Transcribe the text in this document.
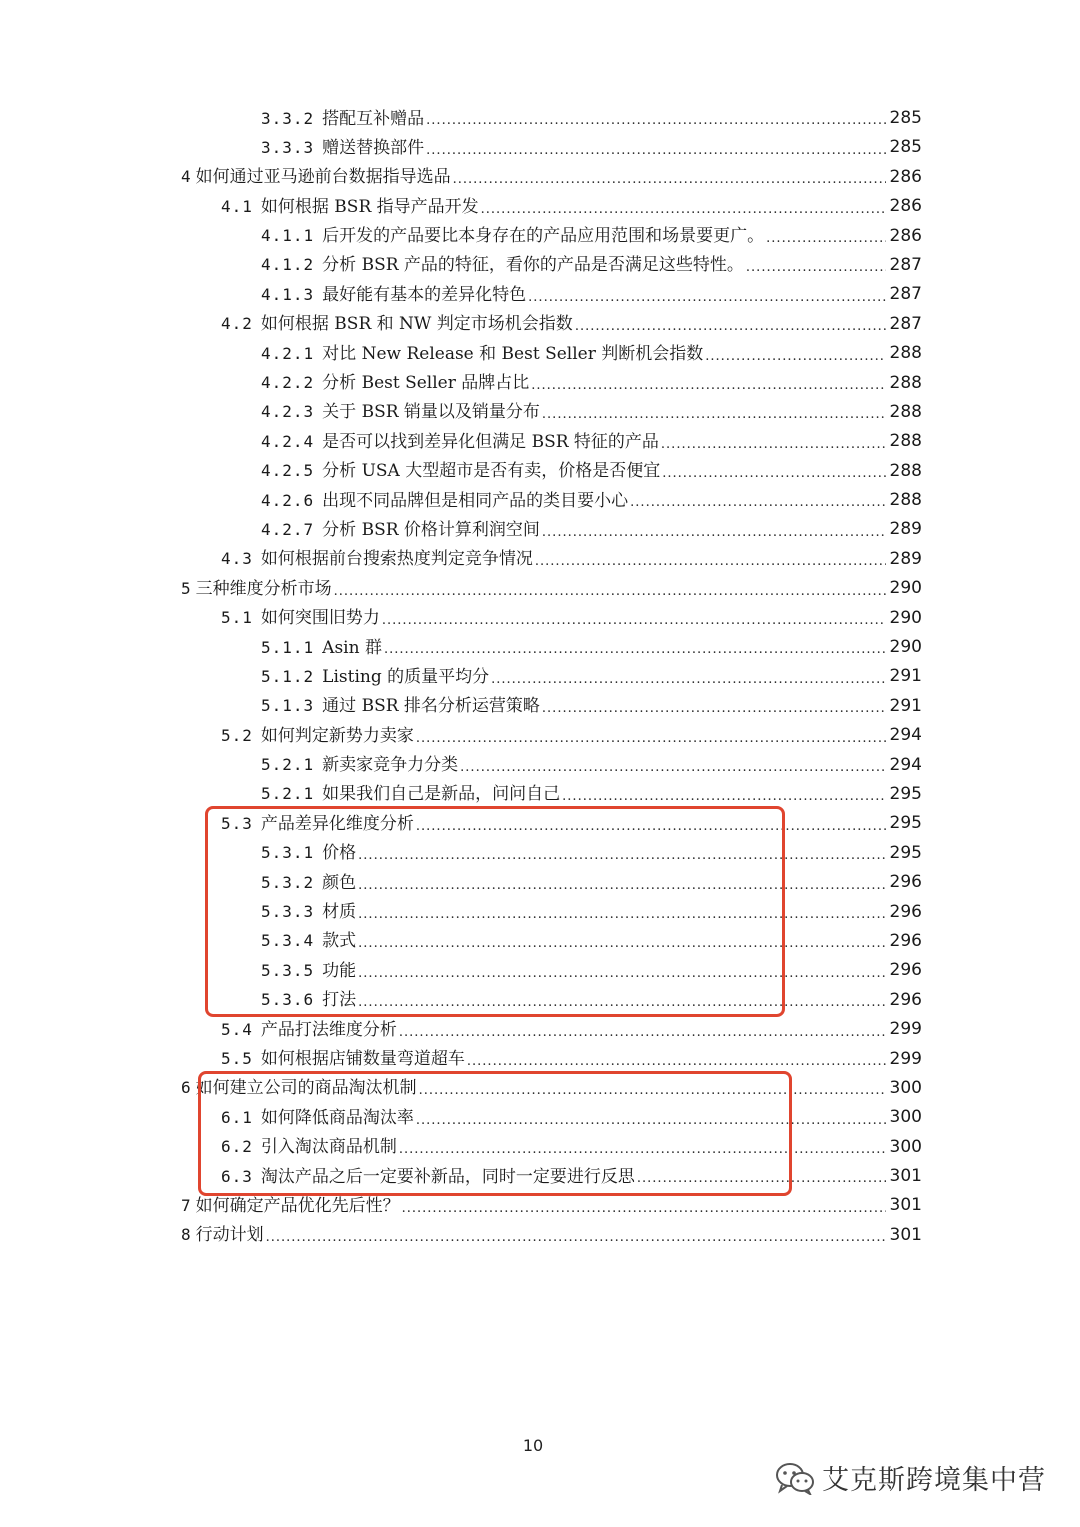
3.3.2 搭配互补赠品 .....	285
3.3.3 赠送替换部件 .....	285
4 如何通过亚马逊前台数据指导选品 .....	286
4.1 如何根据 BSR 指导产品开发 .....	286
4.1.1 后开发的产品要比本身存在的产品应用范围和场景要更广。 .....	286
4.1.2 分析 BSR 产品的特征，看你的产品是否满足这些特性。 .....	287
4.1.3 最好能有基本的差异化特色 .....	287
4.2 如何根据 BSR 和 NW 判定市场机会指数 .....	287
4.2.1 对比 New Release 和 Best Seller 判断机会指数 .....	288
4.2.2 分析 Best Seller 品牌占比 .....	288
4.2.3 关于 BSR 销量以及销量分布 .....	288
4.2.4 是否可以找到差异化但满足 BSR 特征的产品 .....	288
4.2.5 分析 USA 大型超市是否有卖，价格是否便宜 .....	288
4.2.6 出现不同品牌但是相同产品的类目要小心 .....	288
4.2.7 分析 BSR 价格计算利润空间 .....	289
4.3 如何根据前台搜索热度判定竞争情况 .....	289
5 三种维度分析市场 .....	290
5.1 如何突围旧势力 .....	290
5.1.1 Asin 群 .....	290
5.1.2 Listing 的质量平均分 .....	291
5.1.3 通过 BSR 排名分析运营策略 .....	291
5.2 如何判定新势力卖家 .....	294
5.2.1 新卖家竞争力分类 .....	294
5.2.1 如果我们自己是新品，问问自己 .....	295
5.3 产品差异化维度分析 .....	295
5.3.1 价格 .....	295
5.3.2 颜色 .....	296
5.3.3 材质 .....	296
5.3.4 款式 .....	296
5.3.5 功能 .....	296
5.3.6 打法 .....	296
5.4 产品打法维度分析 .....	299
5.5 如何根据店铺数量弯道超车 .....	299
6 如何建立公司的商品淘汰机制 .....	300
6.1 如何降低商品淘汰率 .....	300
6.2 引入淘汰商品机制 .....	300
6.3 淘汰产品之后一定要补新品，同时一定要进行反思 .....	301
7 如何确定产品优化先后性？ .....	301
8 行动计划 .....	301
10
艾克斯跨境集中营
